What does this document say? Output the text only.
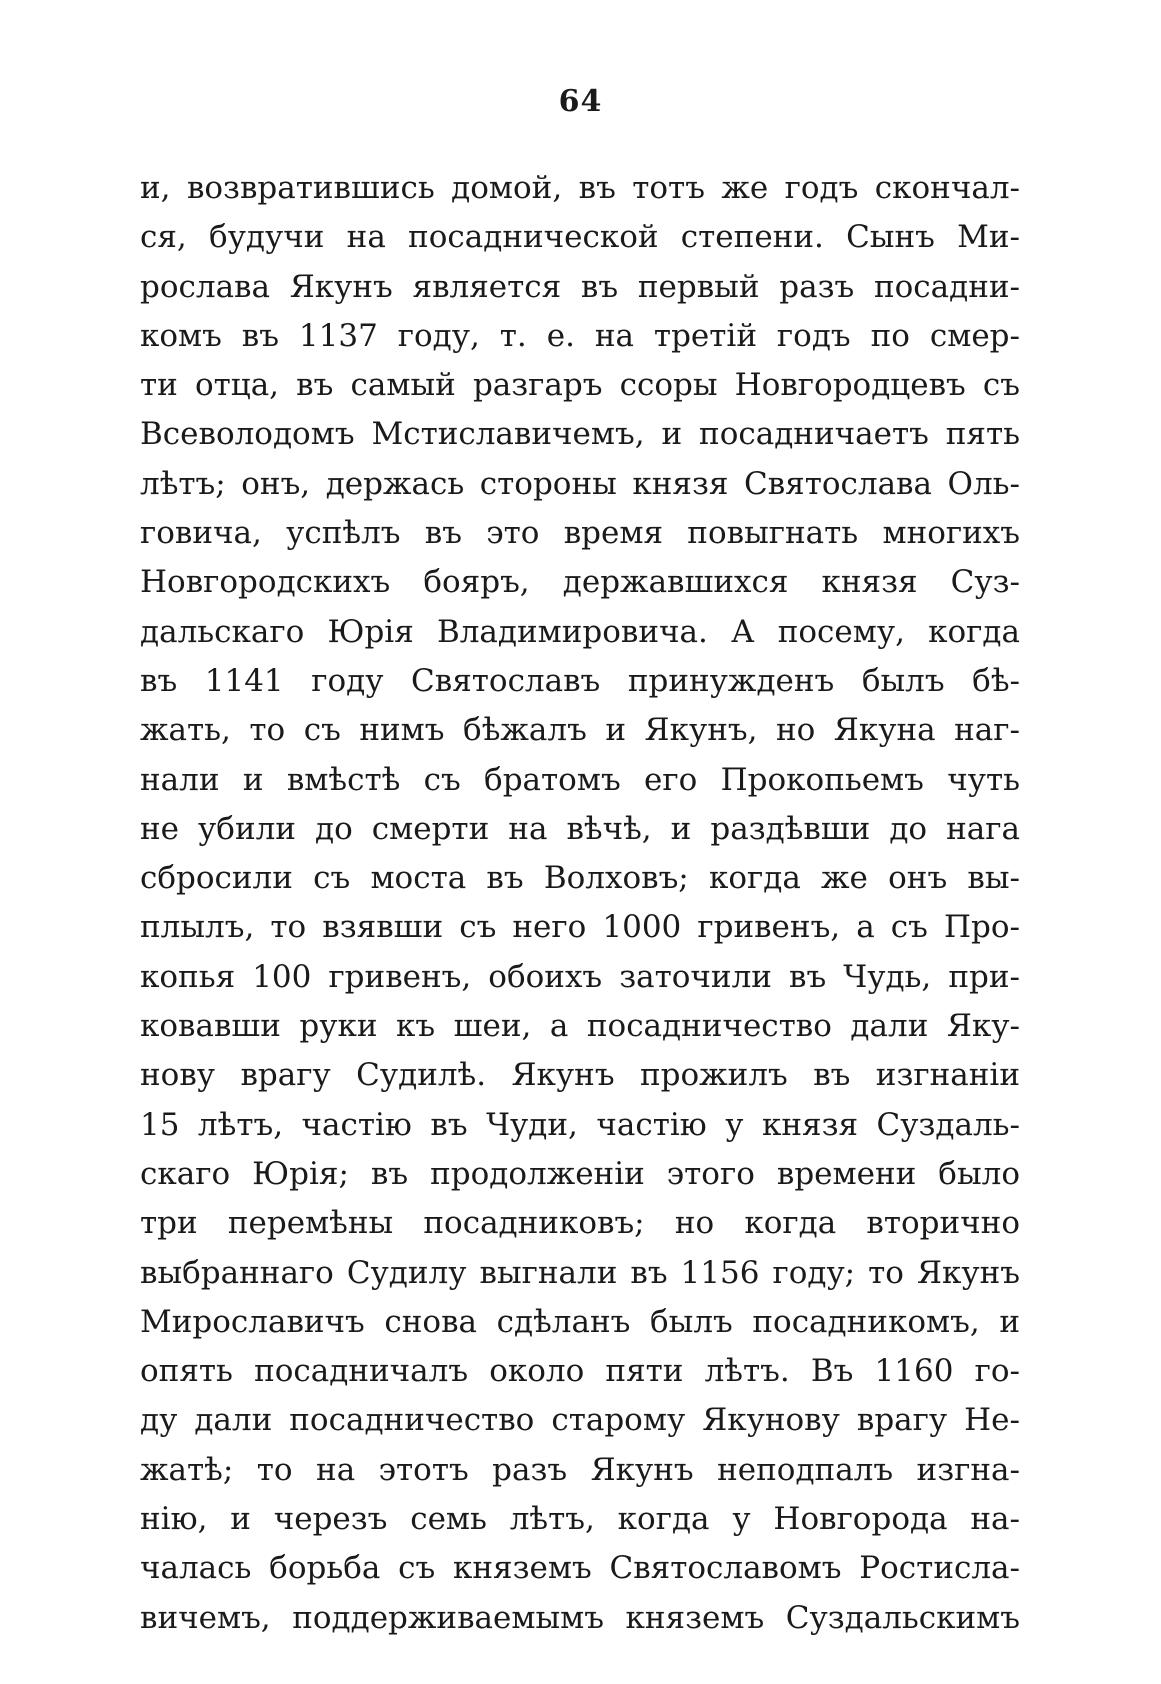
64
и, возвратившись домой, въ тотъ же годъ скончал-
ся, будучи на посаднической степени. Сынъ Ми-
рослава Якунъ является въ первый разъ посадни-
комъ въ 1137 году, т. е. на третій годъ по смер-
ти отца, въ самый разгаръ ссоры Новгородцевъ съ
Всеволодомъ Мстиславичемъ, и посадничаетъ пять
лѣтъ; онъ, держась стороны князя Святослава Оль-
говича, успѣлъ въ это время повыгнать многихъ
Новгородскихъ бояръ, державшихся князя Суз-
дальскаго Юрія Владимировича. А посему, когда
въ 1141 году Святославъ принужденъ былъ бѣ-
жать, то съ нимъ бѣжалъ и Якунъ, но Якуна наг-
нали и вмѣстѣ съ братомъ его Прокопьемъ чуть
не убили до смерти на вѣчѣ, и раздѣвши до нага
сбросили съ моста въ Волховъ; когда же онъ вы-
плылъ, то взявши съ него 1000 гривенъ, а съ Про-
копья 100 гривенъ, обоихъ заточили въ Чудь, при-
ковавши руки къ шеи, а посадничество дали Яку-
нову врагу Судилѣ. Якунъ прожилъ въ изгнаніи
15 лѣтъ, частію въ Чуди, частію у князя Суздаль-
скаго Юрія; въ продолженіи этого времени было
три перемѣны посадниковъ; но когда вторично
выбраннаго Судилу выгнали въ 1156 году; то Якунъ
Мирославичъ снова сдѣланъ былъ посадникомъ, и
опять посадничалъ около пяти лѣтъ. Въ 1160 го-
ду дали посадничество старому Якунову врагу Не-
жатѣ; то на этотъ разъ Якунъ неподпалъ изгна-
нію, и черезъ семь лѣтъ, когда у Новгорода на-
чалась борьба съ княземъ Святославомъ Ростисла-
вичемъ, поддерживаемымъ княземъ Суздальскимъ
